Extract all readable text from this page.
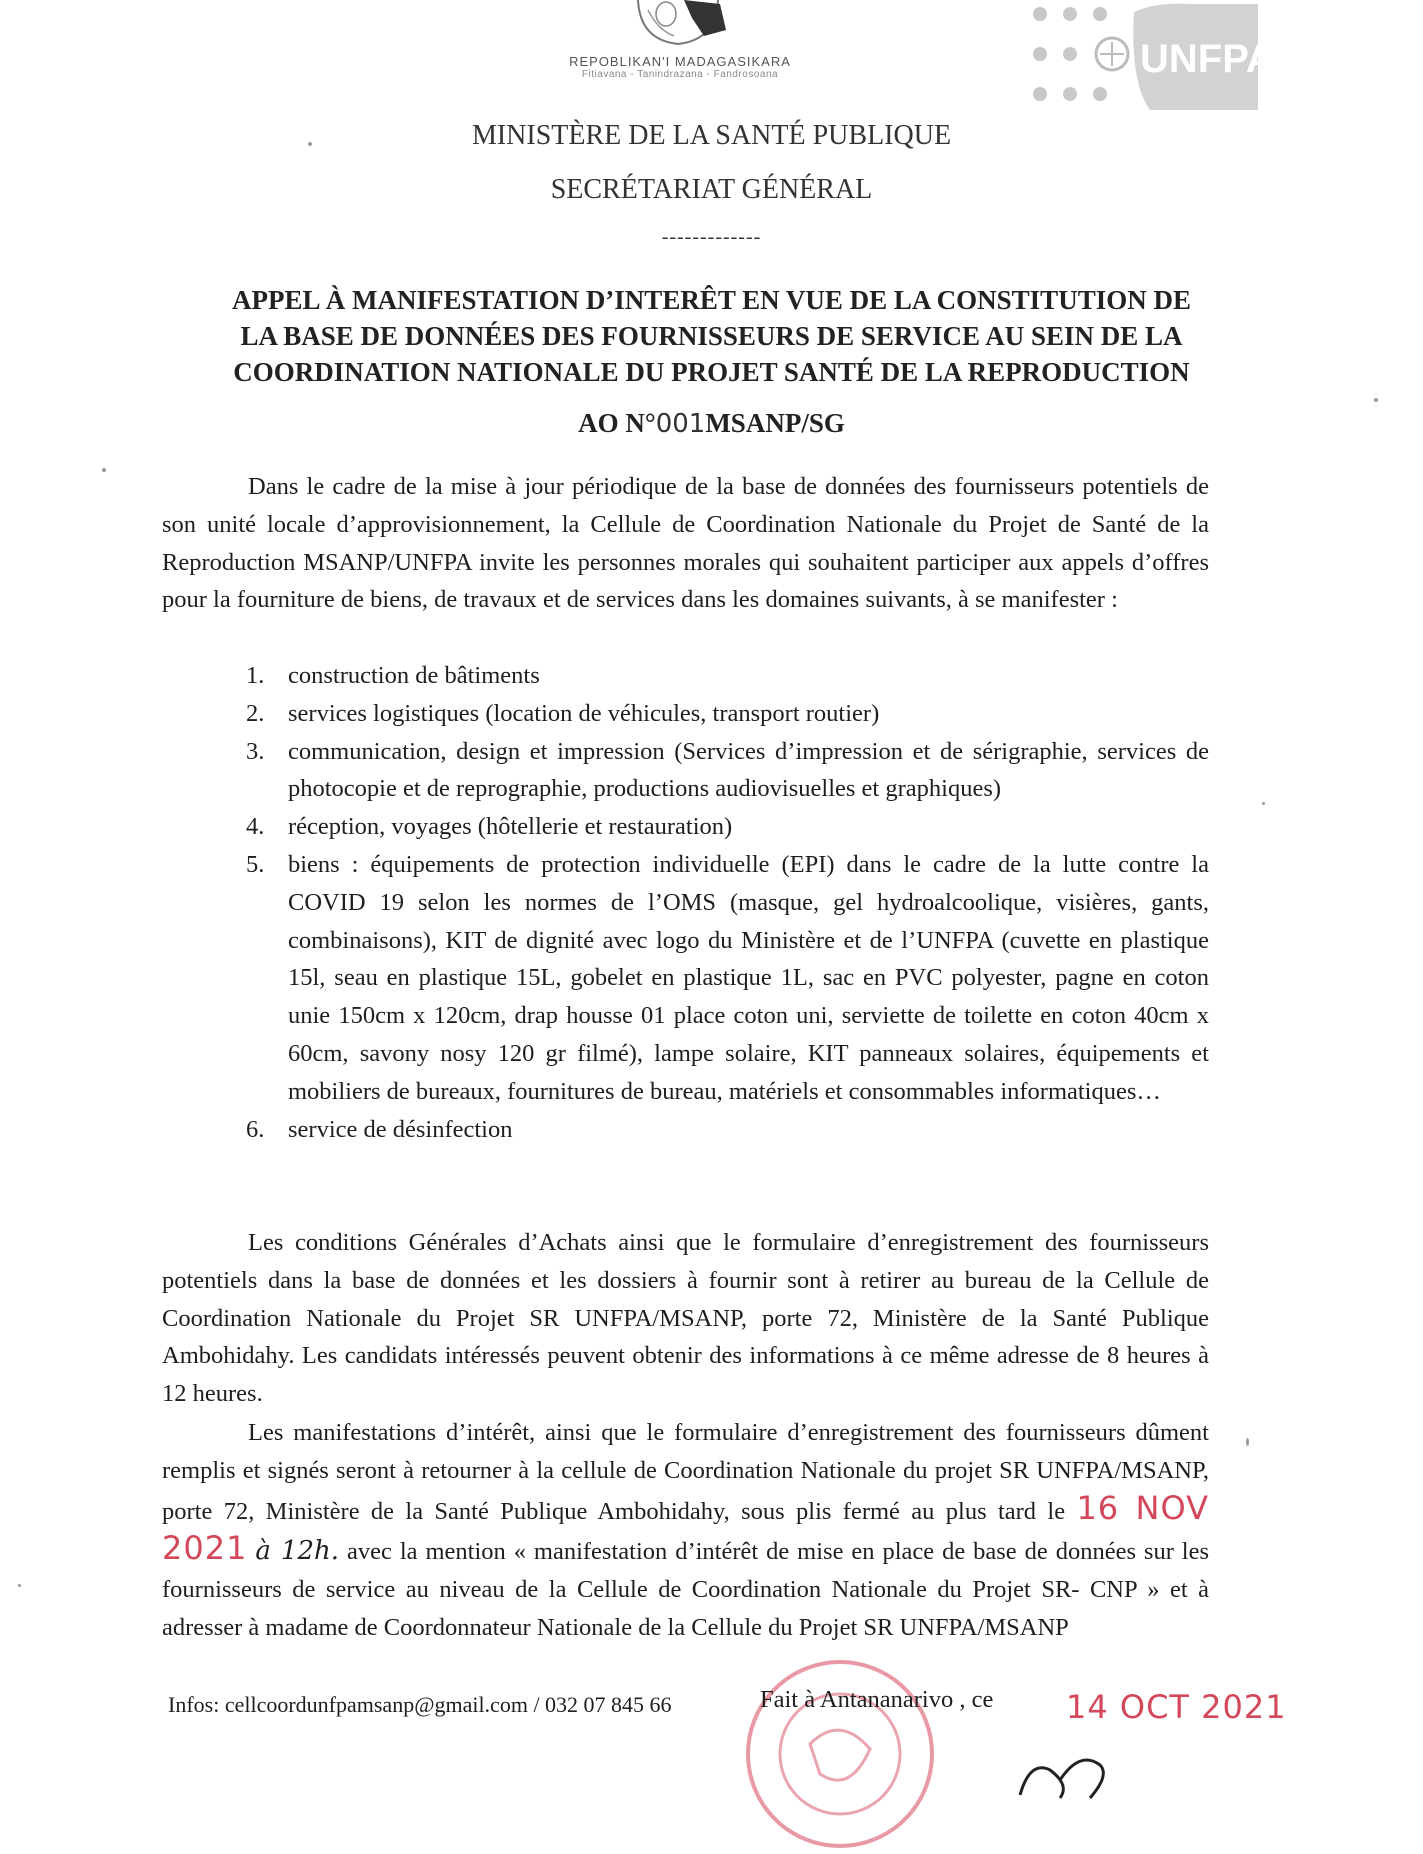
REPOBLIKAN'I MADAGASIKARA
Fitiavana - Tanindrazana - Fandrosoana	UNFPA
MINISTÈRE DE LA SANTÉ PUBLIQUE
SECRÉTARIAT GÉNÉRAL
-------------
APPEL À MANIFESTATION D’INTERÊT EN VUE DE LA CONSTITUTION DE
LA BASE DE DONNÉES DES FOURNISSEURS DE SERVICE AU SEIN DE LA
COORDINATION NATIONALE DU PROJET SANTÉ DE LA REPRODUCTION
AO N°001MSANP/SG
Dans le cadre de la mise à jour périodique de la base de données des fournisseurs potentiels de son unité locale d’approvisionnement, la Cellule de Coordination Nationale du Projet de Santé de la Reproduction MSANP/UNFPA invite les personnes morales qui souhaitent participer aux appels d’offres pour la fourniture de biens, de travaux et de services dans les domaines suivants, à se manifester :
1. construction de bâtiments
2. services logistiques (location de véhicules, transport routier)
3. communication, design et impression (Services d’impression et de sérigraphie, services de photocopie et de reprographie, productions audiovisuelles et graphiques)
4. réception, voyages (hôtellerie et restauration)
5. biens : équipements de protection individuelle (EPI) dans le cadre de la lutte contre la COVID 19 selon les normes de l’OMS (masque, gel hydroalcoolique, visières, gants, combinaisons), KIT de dignité avec logo du Ministère et de l’UNFPA (cuvette en plastique 15l, seau en plastique 15L, gobelet en plastique 1L, sac en PVC polyester, pagne en coton unie 150cm x 120cm, drap housse 01 place coton uni, serviette de toilette en coton 40cm x 60cm, savony nosy 120 gr filmé), lampe solaire, KIT panneaux solaires, équipements et mobiliers de bureaux, fournitures de bureau, matériels et consommables informatiques…
6. service de désinfection
Les conditions Générales d’Achats ainsi que le formulaire d’enregistrement des fournisseurs potentiels dans la base de données et les dossiers à fournir sont à retirer au bureau de la Cellule de Coordination Nationale du Projet SR UNFPA/MSANP, porte 72, Ministère de la Santé Publique Ambohidahy. Les candidats intéressés peuvent obtenir des informations à ce même adresse de 8 heures à 12 heures.
Les manifestations d’intérêt, ainsi que le formulaire d’enregistrement des fournisseurs dûment remplis et signés seront à retourner à la cellule de Coordination Nationale du projet SR UNFPA/MSANP, porte 72, Ministère de la Santé Publique Ambohidahy, sous plis fermé au plus tard le 16 NOV 2021 à 12h. avec la mention « manifestation d’intérêt de mise en place de base de données sur les fournisseurs de service au niveau de la Cellule de Coordination Nationale du Projet SR- CNP » et à adresser à madame de Coordonnateur Nationale de la Cellule du Projet SR UNFPA/MSANP
Infos: cellcoordunfpamsanp@gmail.com / 032 07 845 66	Fait à Antananarivo , ce 14 OCT 2021
